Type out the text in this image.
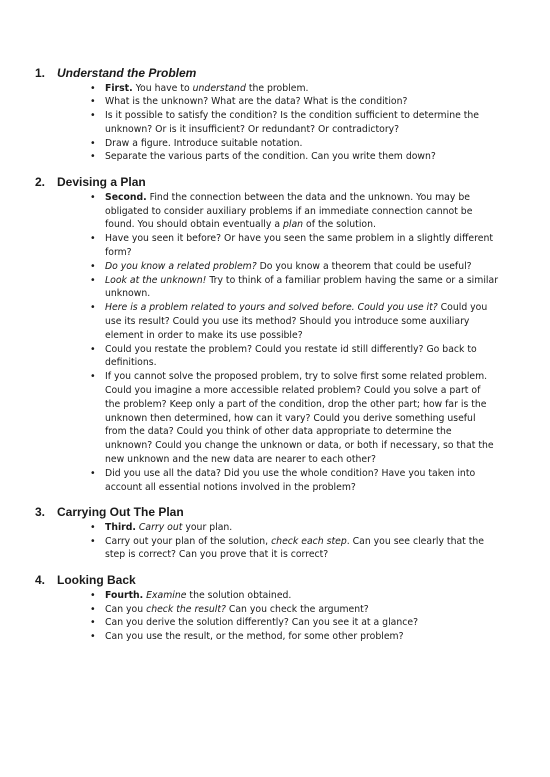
1. Understand the Problem
• First. You have to understand the problem.
• What is the unknown? What are the data? What is the condition?
• Is it possible to satisfy the condition? Is the condition sufficient to determine the unknown? Or is it insufficient? Or redundant? Or contradictory?
• Draw a figure. Introduce suitable notation.
• Separate the various parts of the condition. Can you write them down?
2. Devising a Plan
• Second. Find the connection between the data and the unknown. You may be obligated to consider auxiliary problems if an immediate connection cannot be found. You should obtain eventually a plan of the solution.
• Have you seen it before? Or have you seen the same problem in a slightly different form?
• Do you know a related problem? Do you know a theorem that could be useful?
• Look at the unknown! Try to think of a familiar problem having the same or a similar unknown.
• Here is a problem related to yours and solved before. Could you use it? Could you use its result? Could you use its method? Should you introduce some auxiliary element in order to make its use possible?
• Could you restate the problem? Could you restate id still differently? Go back to definitions.
• If you cannot solve the proposed problem, try to solve first some related problem. Could you imagine a more accessible related problem? Could you solve a part of the problem? Keep only a part of the condition, drop the other part; how far is the unknown then determined, how can it vary? Could you derive something useful from the data? Could you think of other data appropriate to determine the unknown? Could you change the unknown or data, or both if necessary, so that the new unknown and the new data are nearer to each other?
• Did you use all the data? Did you use the whole condition? Have you taken into account all essential notions involved in the problem?
3. Carrying Out The Plan
• Third. Carry out your plan.
• Carry out your plan of the solution, check each step. Can you see clearly that the step is correct? Can you prove that it is correct?
4. Looking Back
• Fourth. Examine the solution obtained.
• Can you check the result? Can you check the argument?
• Can you derive the solution differently? Can you see it at a glance?
• Can you use the result, or the method, for some other problem?
